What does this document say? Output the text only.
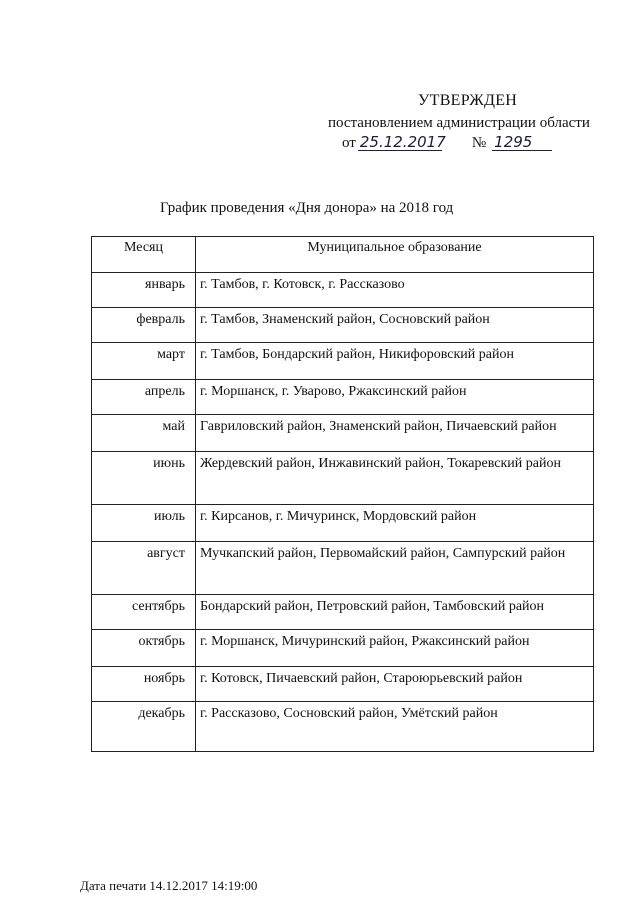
УТВЕРЖДЕН
постановлением администрации области
от 25.12.2017 № 1295
График проведения «Дня донора» на 2018 год
Месяц	Муниципальное образование
январь	г. Тамбов, г. Котовск, г. Рассказово
февраль	г. Тамбов, Знаменский район, Сосновский район
март	г. Тамбов, Бондарский район, Никифоровский район
апрель	г. Моршанск, г. Уварово, Ржаксинский район
май	Гавриловский район, Знаменский район, Пичаевский район
июнь	Жердевский район, Инжавинский район, Токаревский район
июль	г. Кирсанов, г. Мичуринск, Мордовский район
август	Мучкапский район, Первомайский район, Сампурский район
сентябрь	Бондарский район, Петровский район, Тамбовский район
октябрь	г. Моршанск, Мичуринский район, Ржаксинский район
ноябрь	г. Котовск, Пичаевский район, Староюрьевский район
декабрь	г. Рассказово, Сосновский район, Умётский район
Дата печати 14.12.2017 14:19:00
